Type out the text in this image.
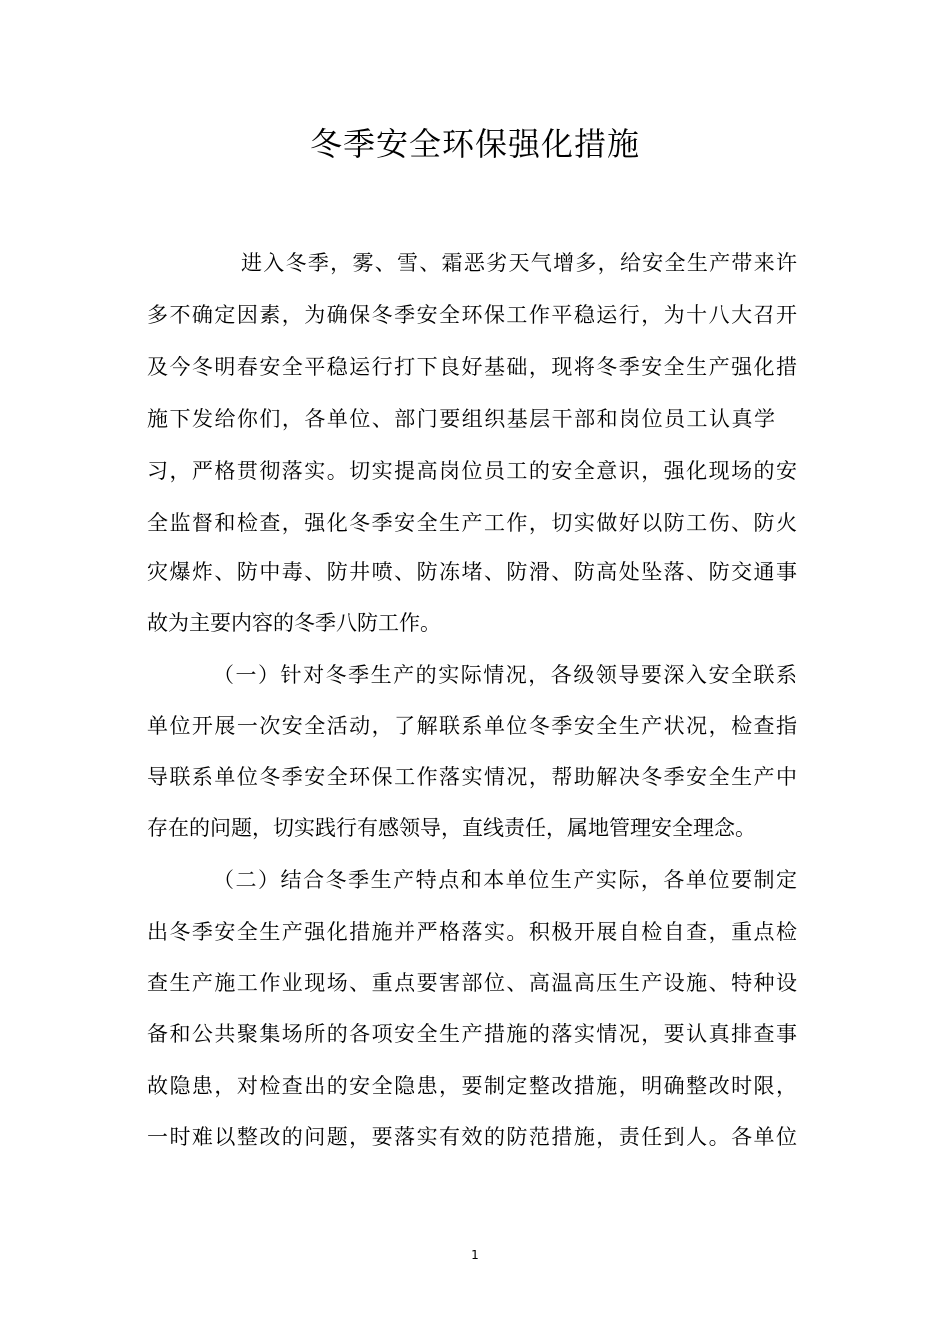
冬季安全环保强化措施
进入冬季，雾、雪、霜恶劣天气增多，给安全生产带来许
多不确定因素，为确保冬季安全环保工作平稳运行，为十八大召开
及今冬明春安全平稳运行打下良好基础，现将冬季安全生产强化措
施下发给你们，各单位、部门要组织基层干部和岗位员工认真学
习，严格贯彻落实。切实提高岗位员工的安全意识，强化现场的安
全监督和检查，强化冬季安全生产工作，切实做好以防工伤、防火
灾爆炸、防中毒、防井喷、防冻堵、防滑、防高处坠落、防交通事
故为主要内容的冬季八防工作。
（一）针对冬季生产的实际情况，各级领导要深入安全联系
单位开展一次安全活动，了解联系单位冬季安全生产状况，检查指
导联系单位冬季安全环保工作落实情况，帮助解决冬季安全生产中
存在的问题，切实践行有感领导，直线责任，属地管理安全理念。
（二）结合冬季生产特点和本单位生产实际，各单位要制定
出冬季安全生产强化措施并严格落实。积极开展自检自查，重点检
查生产施工作业现场、重点要害部位、高温高压生产设施、特种设
备和公共聚集场所的各项安全生产措施的落实情况，要认真排查事
故隐患，对检查出的安全隐患，要制定整改措施，明确整改时限，
一时难以整改的问题，要落实有效的防范措施，责任到人。各单位
1
